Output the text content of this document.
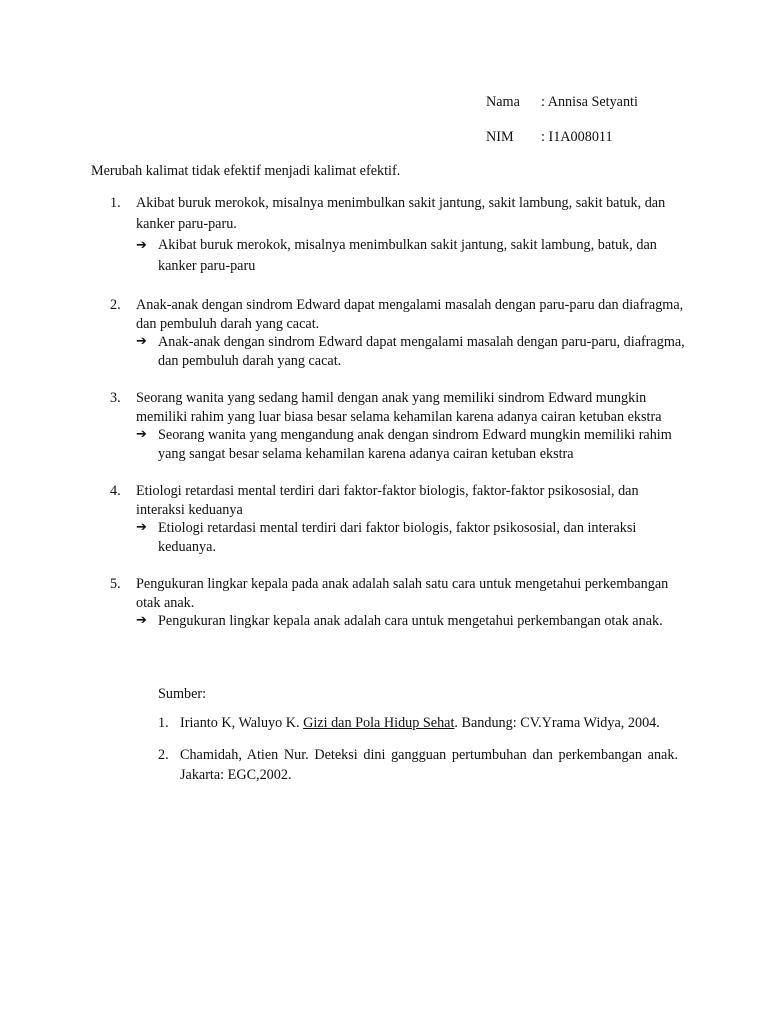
Nama	: Annisa Setyanti
NIM	: I1A008011
Merubah kalimat tidak efektif menjadi kalimat efektif.
1.	Akibat buruk merokok, misalnya menimbulkan sakit jantung, sakit lambung, sakit batuk, dan kanker paru-paru.
➔ Akibat buruk merokok, misalnya menimbulkan sakit jantung, sakit lambung, batuk, dan kanker paru-paru
2.	Anak-anak dengan sindrom Edward dapat mengalami masalah dengan paru-paru dan diafragma, dan pembuluh darah yang cacat.
➔ Anak-anak dengan sindrom Edward dapat mengalami masalah dengan paru-paru, diafragma, dan pembuluh darah yang cacat.
3.	Seorang wanita yang sedang hamil dengan anak yang memiliki sindrom Edward mungkin memiliki rahim yang luar biasa besar selama kehamilan karena adanya cairan ketuban ekstra
➔ Seorang wanita yang mengandung anak dengan sindrom Edward mungkin memiliki rahim yang sangat besar selama kehamilan karena adanya cairan ketuban ekstra
4.	Etiologi retardasi mental terdiri dari faktor-faktor biologis, faktor-faktor psikososial, dan interaksi keduanya
➔ Etiologi retardasi mental terdiri dari faktor biologis, faktor psikososial, dan interaksi keduanya.
5.	Pengukuran lingkar kepala pada anak adalah salah satu cara untuk mengetahui perkembangan otak anak.
➔ Pengukuran lingkar kepala anak adalah cara untuk mengetahui perkembangan otak anak.
Sumber:
1. Irianto K, Waluyo K. Gizi dan Pola Hidup Sehat. Bandung: CV.Yrama Widya, 2004.
2. Chamidah, Atien Nur. Deteksi dini gangguan pertumbuhan dan perkembangan anak. Jakarta: EGC,2002.
